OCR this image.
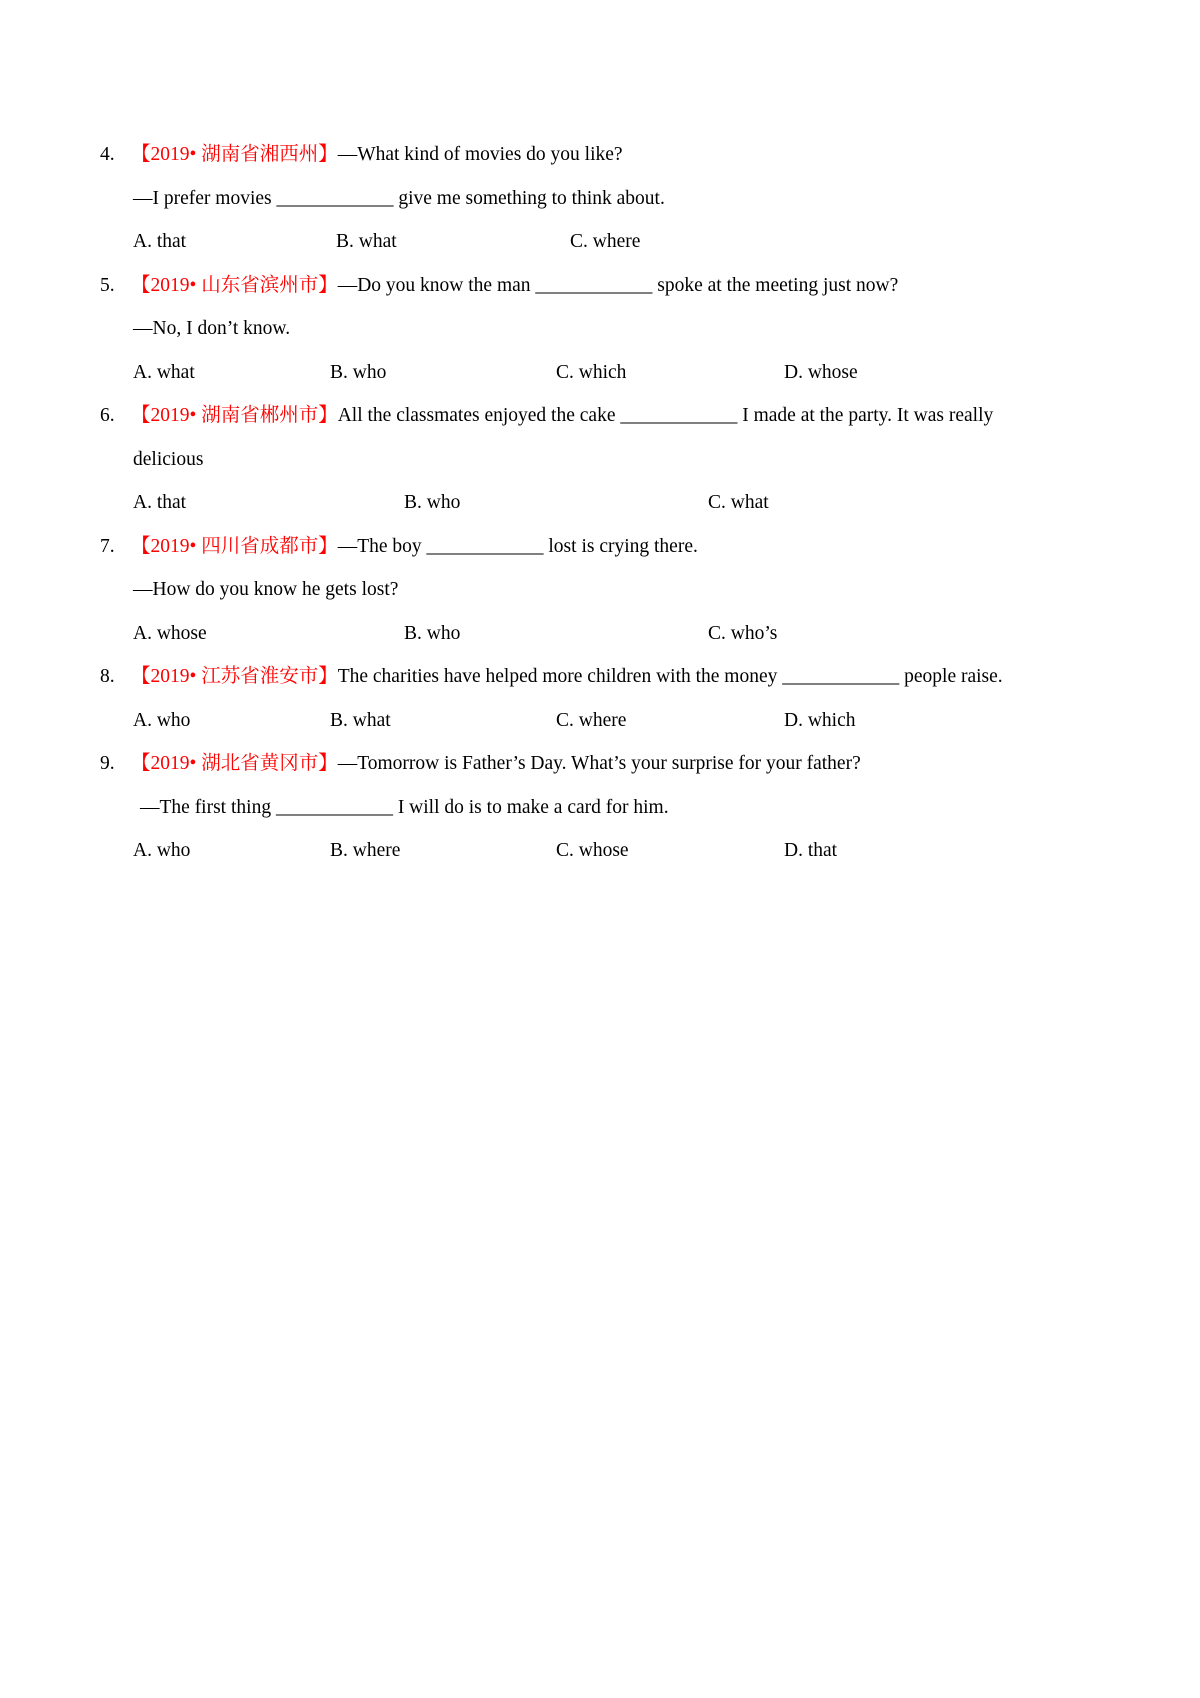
4. 【2019• 湖南省湘西州】—What kind of movies do you like?
—I prefer movies ____________ give me something to think about.
A. that	B. what	C. where
5. 【2019• 山东省滨州市】—Do you know the man ____________ spoke at the meeting just now?
—No, I don’t know.
A. what	B. who	C. which	D. whose
6. 【2019• 湖南省郴州市】All the classmates enjoyed the cake ____________ I made at the party. It was really
delicious
A. that	B. who	C. what
7. 【2019• 四川省成都市】—The boy ____________ lost is crying there.
—How do you know he gets lost?
A. whose	B. who	C. who’s
8. 【2019• 江苏省淮安市】The charities have helped more children with the money ____________ people raise.
A. who	B. what	C. where	D. which
9. 【2019• 湖北省黄冈市】—Tomorrow is Father’s Day. What’s your surprise for your father?
—The first thing ____________ I will do is to make a card for him.
A. who	B. where	C. whose	D. that
